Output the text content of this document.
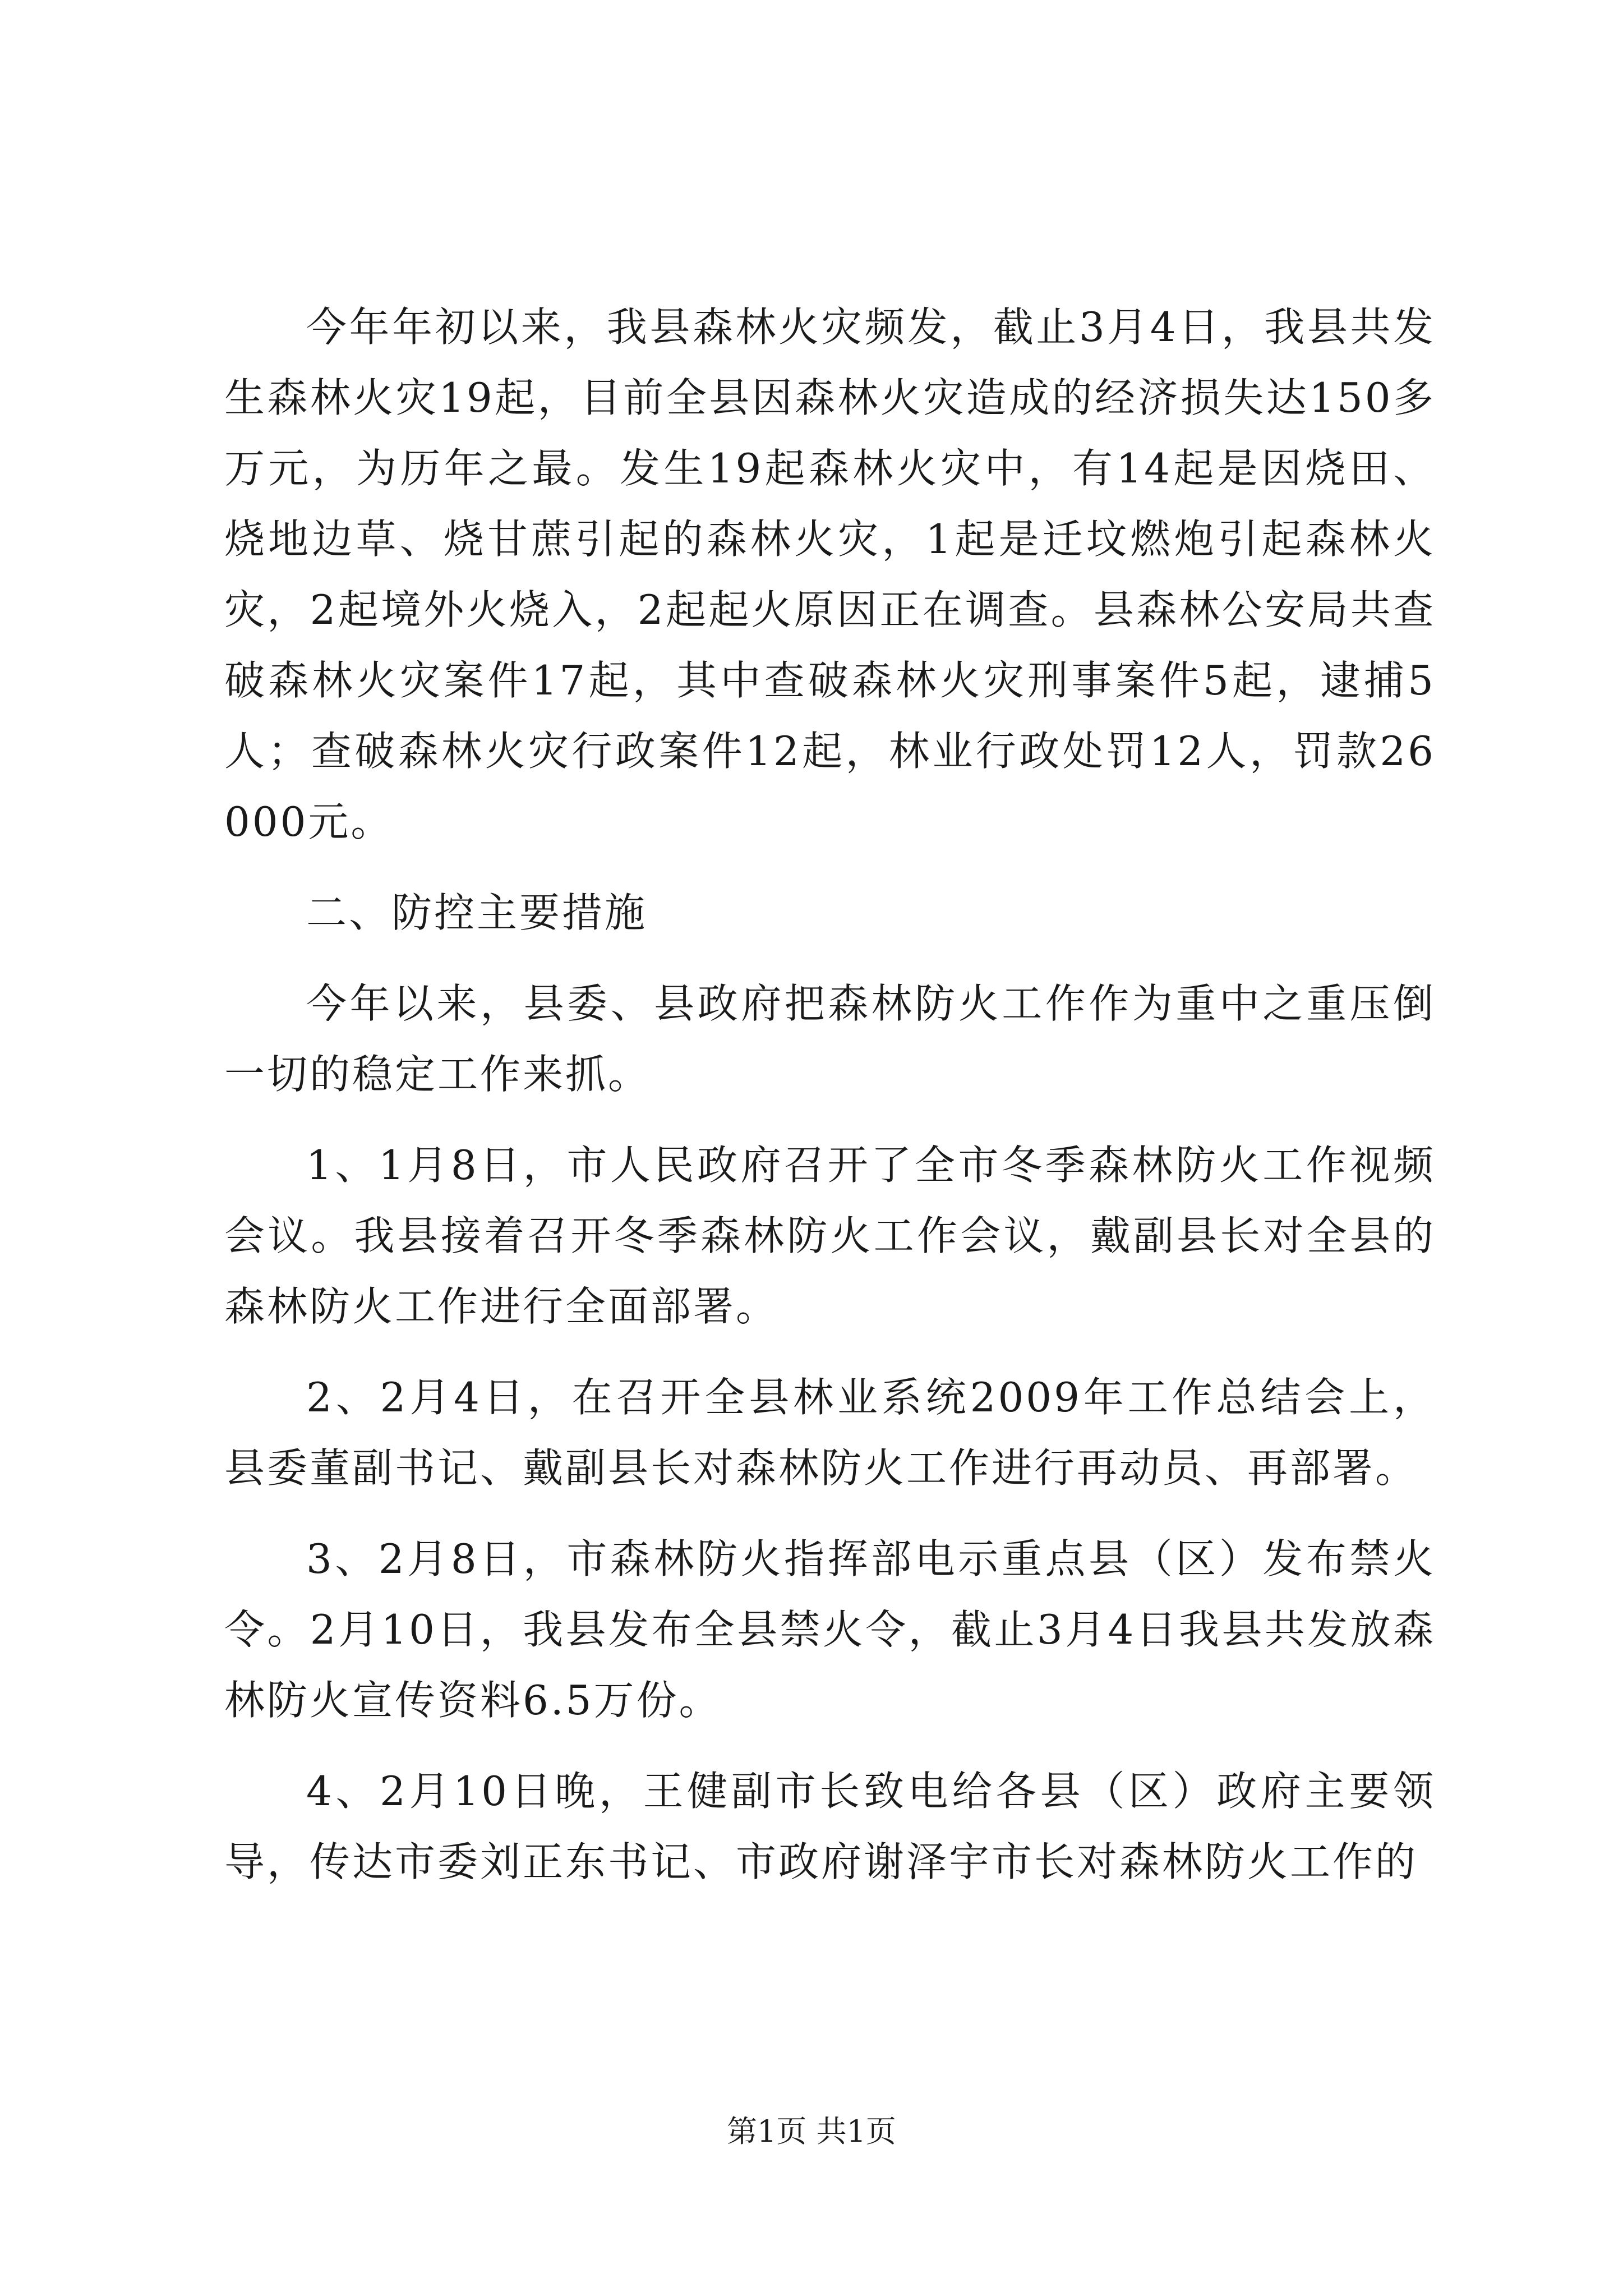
今年年初以来，我县森林火灾频发，截止3月4日，我县共发生森林火灾19起，目前全县因森林火灾造成的经济损失达150多万元，为历年之最。发生19起森林火灾中，有14起是因烧田、烧地边草、烧甘蔗引起的森林火灾，1起是迁坟燃炮引起森林火灾，2起境外火烧入，2起起火原因正在调查。县森林公安局共查破森林火灾案件17起，其中查破森林火灾刑事案件5起，逮捕5人；查破森林火灾行政案件12起，林业行政处罚12人，罚款26000元。

二、防控主要措施

今年以来，县委、县政府把森林防火工作作为重中之重压倒一切的稳定工作来抓。

1、1月8日，市人民政府召开了全市冬季森林防火工作视频会议。我县接着召开冬季森林防火工作会议，戴副县长对全县的森林防火工作进行全面部署。

2、2月4日，在召开全县林业系统2009年工作总结会上，县委董副书记、戴副县长对森林防火工作进行再动员、再部署。

3、2月8日，市森林防火指挥部电示重点县（区）发布禁火令。2月10日，我县发布全县禁火令，截止3月4日我县共发放森林防火宣传资料6.5万份。

4、2月10日晚，王健副市长致电给各县（区）政府主要领导，传达市委刘正东书记、市政府谢泽宇市长对森林防火工作的

第1页 共1页
